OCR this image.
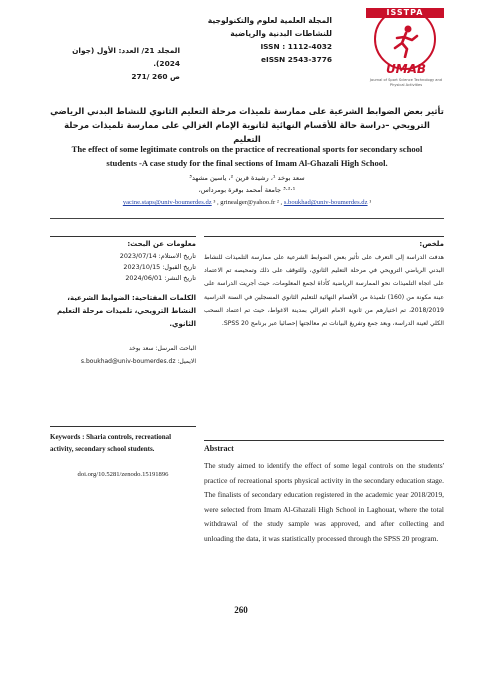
المجلة العلمية لعلوم والتكنولوجية
للنشاطات البدنية والرياضية
ISSN : 1112-4032
eISSN 2543-3776
المجلد 21/ العدد: الأول (جوان 2024).
ص 260 /271
ISSTPA
UMAB
Journal of Sport Science Technology and Physical Activities
تأثير بعض الضوابط الشرعية على ممارسة تلميذات مرحلة التعليم الثانوي للنشاط البدني الرياضي
الترويحي –دراسة حالة للأقسام النهائية لثانوية الإمام الغزالي على ممارسة تلميذات مرحلة التعليم
The effect of some legitimate controls on the practice of recreational sports for secondary school
students -A case study for the final sections of Imam Al-Ghazali High School.
سعد بوخد ¹، رشيدة قرين ²، ياسين مشهد³
¹·²·³ جامعة أمحمد بوقرة بومرداس،
yacine.staps@univ-boumerdes.dz ³ , grinealger@yahoo.fr ² , s.boukhad@univ-boumerdes.dz ¹
معلومات عن البحث:
تاريخ الاستلام: 2023/07/14
تاريخ القبول: 2023/10/15
تاريخ النشر: 2024/06/01
الكلمات المفتاحية: الضوابط الشرعية، النشاط الترويحي، تلميذات مرحلة التعليم الثانوي.
الباحث المرسل: سعد بوخد
الايميل: s.boukhad@univ-boumerdes.dz
ملخص:
هدفت الدراسة إلى التعرف على تأثير بعض الضوابط الشرعية على ممارسة التلميذات للنشاط البدني الرياضي الترويحي في مرحلة التعليم الثانوي، وللتوقف على ذلك وتمحيصه تم الاعتماد على اتجاه التلميذات نحو الممارسة الرياضية كأداة لجمع المعلومات، حيث أجريت الدراسة على عينة مكونة من (160) تلميذة من الأقسام النهائية للتعليم الثانوي المسجلين في السنة الدراسية 2018/2019، تم اختيارهم من ثانوية الامام الغزالي بمدينة الاغواط، حيث تم اعتماد السحب الكلي لعينة الدراسة، وبعد جمع وتفريغ البيانات تم معالجتها إحصائيا عبر برنامج SPSS 20.
Keywords : Sharia controls, recreational activity, secondary school students.
doi.org/10.5281/zenodo.15191896
Abstract
The study aimed to identify the effect of some legal controls on the students' practice of recreational sports physical activity in the secondary education stage. The finalists of secondary education registered in the academic year 2018/2019, were selected from Imam Al-Ghazali High School in Laghouat, where the total withdrawal of the study sample was approved, and after collecting and unloading the data, it was statistically processed through the SPSS 20 program.
260
